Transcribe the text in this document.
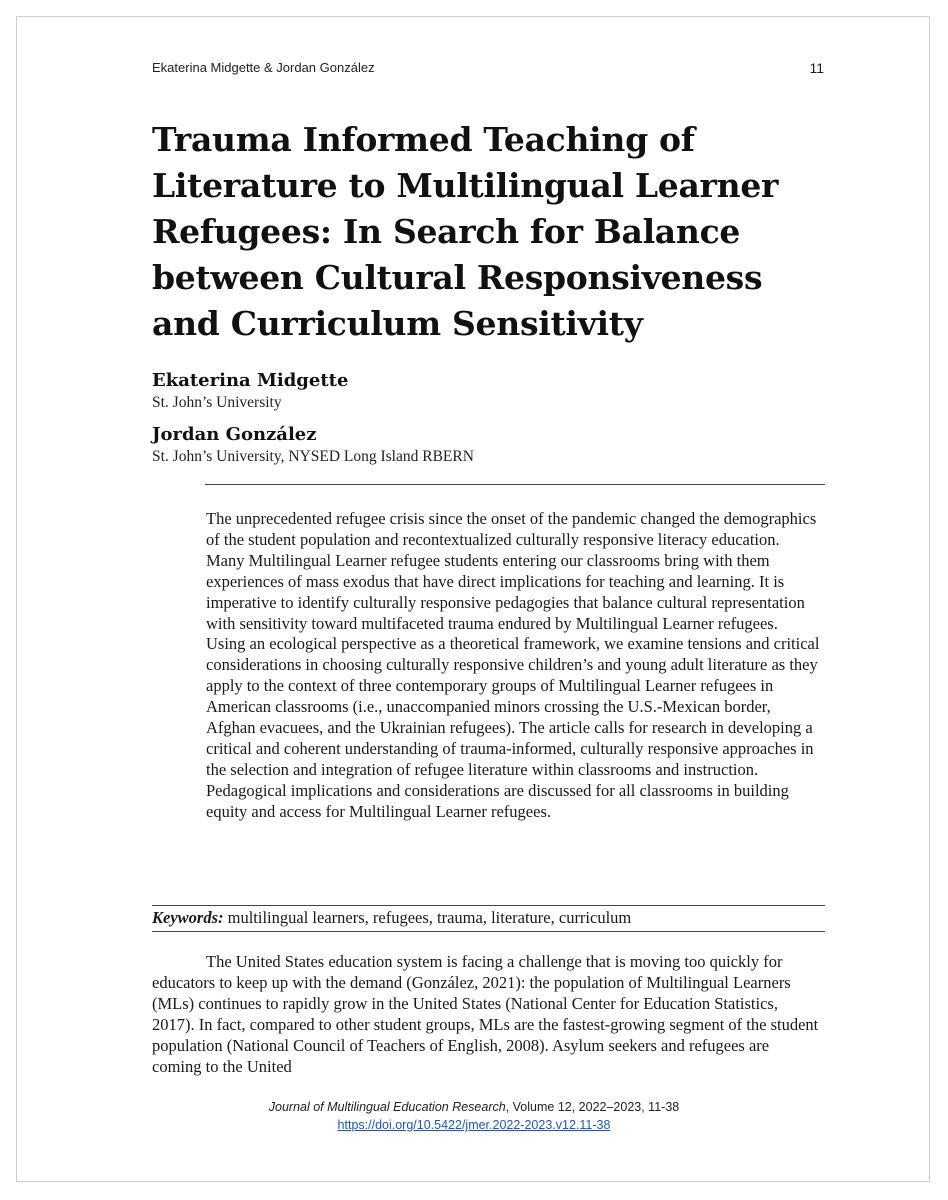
Ekaterina Midgette & Jordan González	11
Trauma Informed Teaching of Literature to Multilingual Learner Refugees: In Search for Balance between Cultural Responsiveness and Curriculum Sensitivity
Ekaterina Midgette
St. John’s University
Jordan González
St. John’s University, NYSED Long Island RBERN

The unprecedented refugee crisis since the onset of the pandemic changed the demographics of the student population and recontextualized culturally responsive literacy education. Many Multilingual Learner refugee students entering our classrooms bring with them experiences of mass exodus that have direct implications for teaching and learning. It is imperative to identify culturally responsive pedagogies that balance cultural representation with sensitivity toward multifaceted trauma endured by Multilingual Learner refugees. Using an ecological perspective as a theoretical framework, we examine tensions and critical considerations in choosing culturally responsive children’s and young adult literature as they apply to the context of three contemporary groups of Multilingual Learner refugees in American classrooms (i.e., unaccompanied minors crossing the U.S.-Mexican border, Afghan evacuees, and the Ukrainian refugees). The article calls for research in developing a critical and coherent understanding of trauma-informed, culturally responsive approaches in the selection and integration of refugee literature within classrooms and instruction. Pedagogical implications and considerations are discussed for all classrooms in building equity and access for Multilingual Learner refugees.

Keywords: multilingual learners, refugees, trauma, literature, curriculum

The United States education system is facing a challenge that is moving too quickly for educators to keep up with the demand (González, 2021): the population of Multilingual Learners (MLs) continues to rapidly grow in the United States (National Center for Education Statistics, 2017). In fact, compared to other student groups, MLs are the fastest-growing segment of the student population (National Council of Teachers of English, 2008). Asylum seekers and refugees are coming to the United

Journal of Multilingual Education Research, Volume 12, 2022–2023, 11-38
https://doi.org/10.5422/jmer.2022-2023.v12.11-38
